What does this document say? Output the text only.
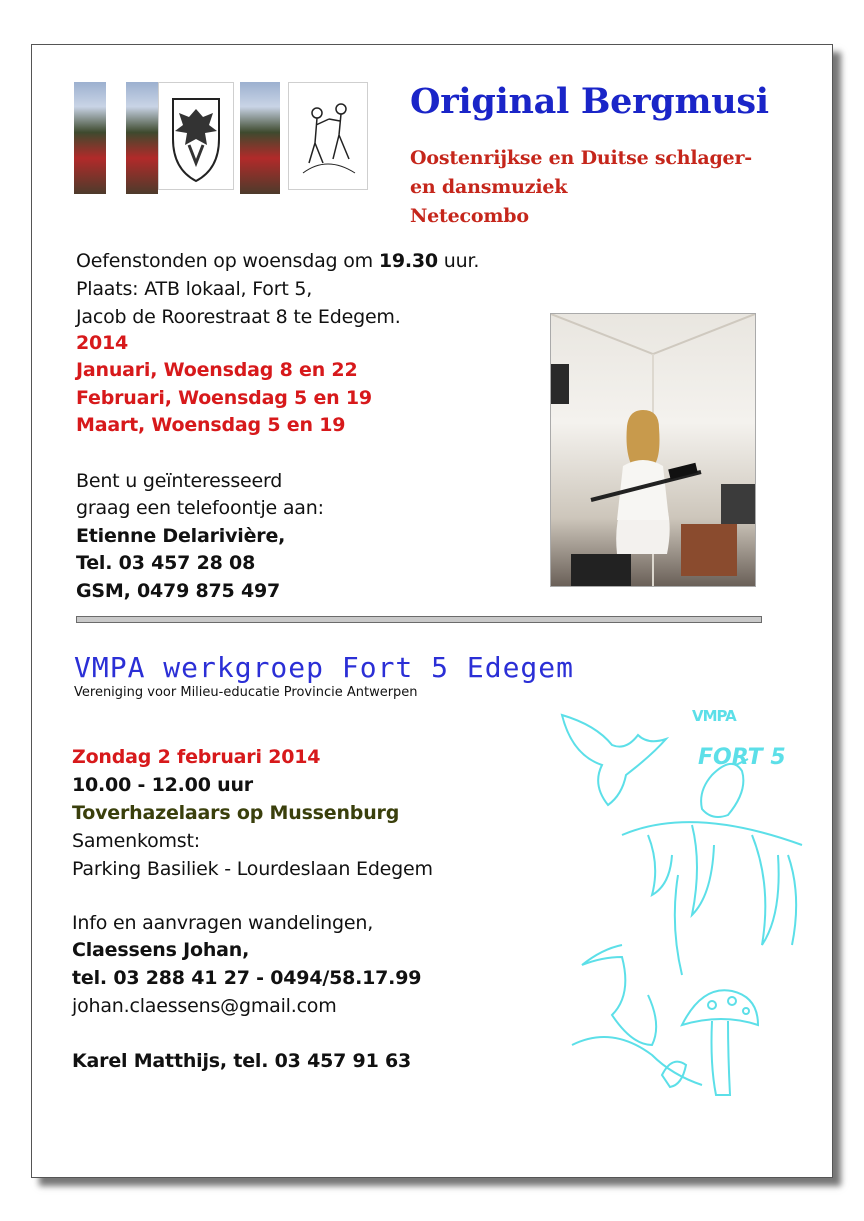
Original Bergmusi
Oostenrijkse en Duitse schlager-
en dansmuziek
Netecombo
Oefenstonden op woensdag om 19.30 uur.
Plaats: ATB lokaal, Fort 5,
Jacob de Roorestraat 8 te Edegem.
2014
Januari, Woensdag 8 en 22
Februari, Woensdag 5 en 19
Maart, Woensdag 5 en 19
Bent u geïnteresseerd
graag een telefoontje aan:
Etienne Delarivière,
Tel. 03 457 28 08
GSM, 0479 875 497
VMPA werkgroep Fort 5 Edegem
Vereniging voor Milieu-educatie Provincie Antwerpen
Zondag 2 februari 2014
10.00 - 12.00 uur
Toverhazelaars op Mussenburg
Samenkomst:
Parking Basiliek - Lourdeslaan Edegem
Info en aanvragen wandelingen,
Claessens Johan,
tel. 03 288 41 27 - 0494/58.17.99
johan.claessens@gmail.com
Karel Matthijs, tel. 03 457 91 63
VMPA
FORT 5
